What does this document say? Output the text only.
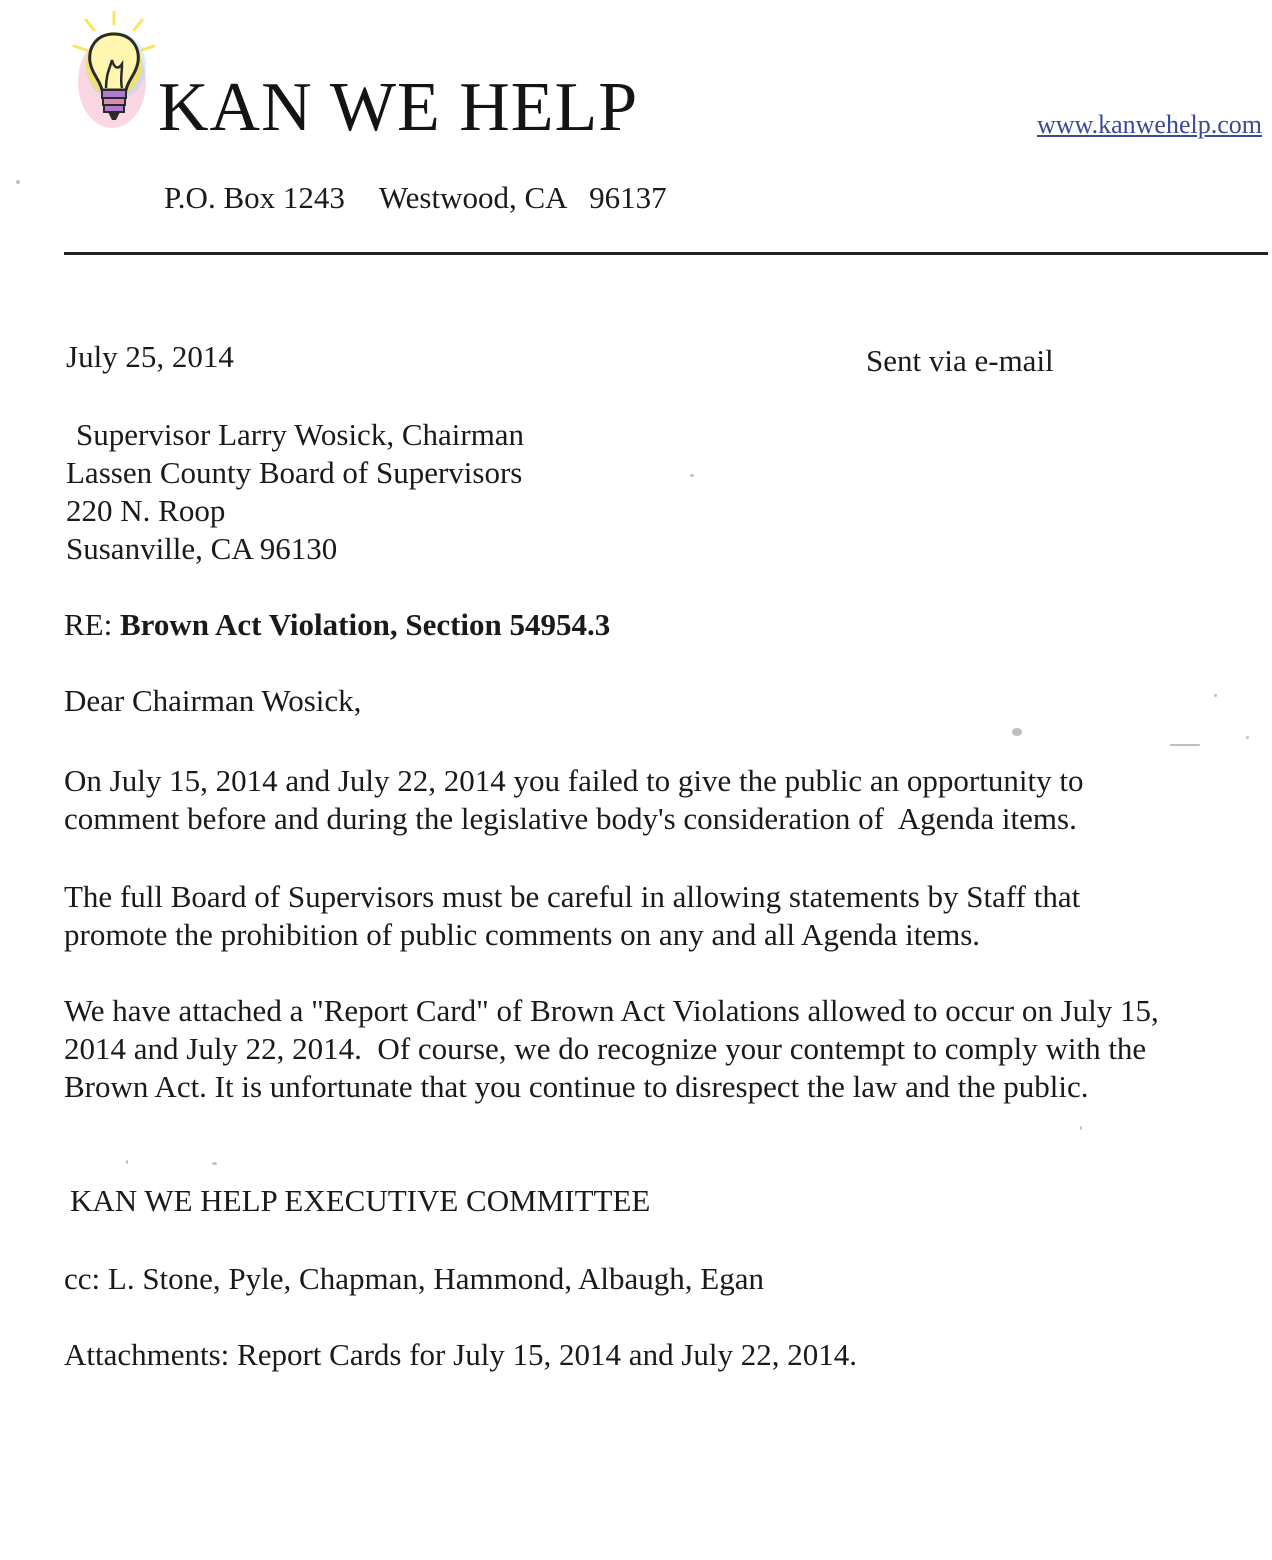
KAN WE HELP	www.kanwehelp.com
P.O. Box 1243 Westwood, CA   96137
July 25, 2014	Sent via e-mail
Supervisor Larry Wosick, Chairman
Lassen County Board of Supervisors
220 N. Roop
Susanville, CA 96130
RE: Brown Act Violation, Section 54954.3
Dear Chairman Wosick,
On July 15, 2014 and July 22, 2014 you failed to give the public an opportunity to
comment before and during the legislative body's consideration of  Agenda items.
The full Board of Supervisors must be careful in allowing statements by Staff that
promote the prohibition of public comments on any and all Agenda items.
We have attached a "Report Card" of Brown Act Violations allowed to occur on July 15,
2014 and July 22, 2014.  Of course, we do recognize your contempt to comply with the
Brown Act. It is unfortunate that you continue to disrespect the law and the public.
KAN WE HELP EXECUTIVE COMMITTEE
cc: L. Stone, Pyle, Chapman, Hammond, Albaugh, Egan
Attachments: Report Cards for July 15, 2014 and July 22, 2014.
